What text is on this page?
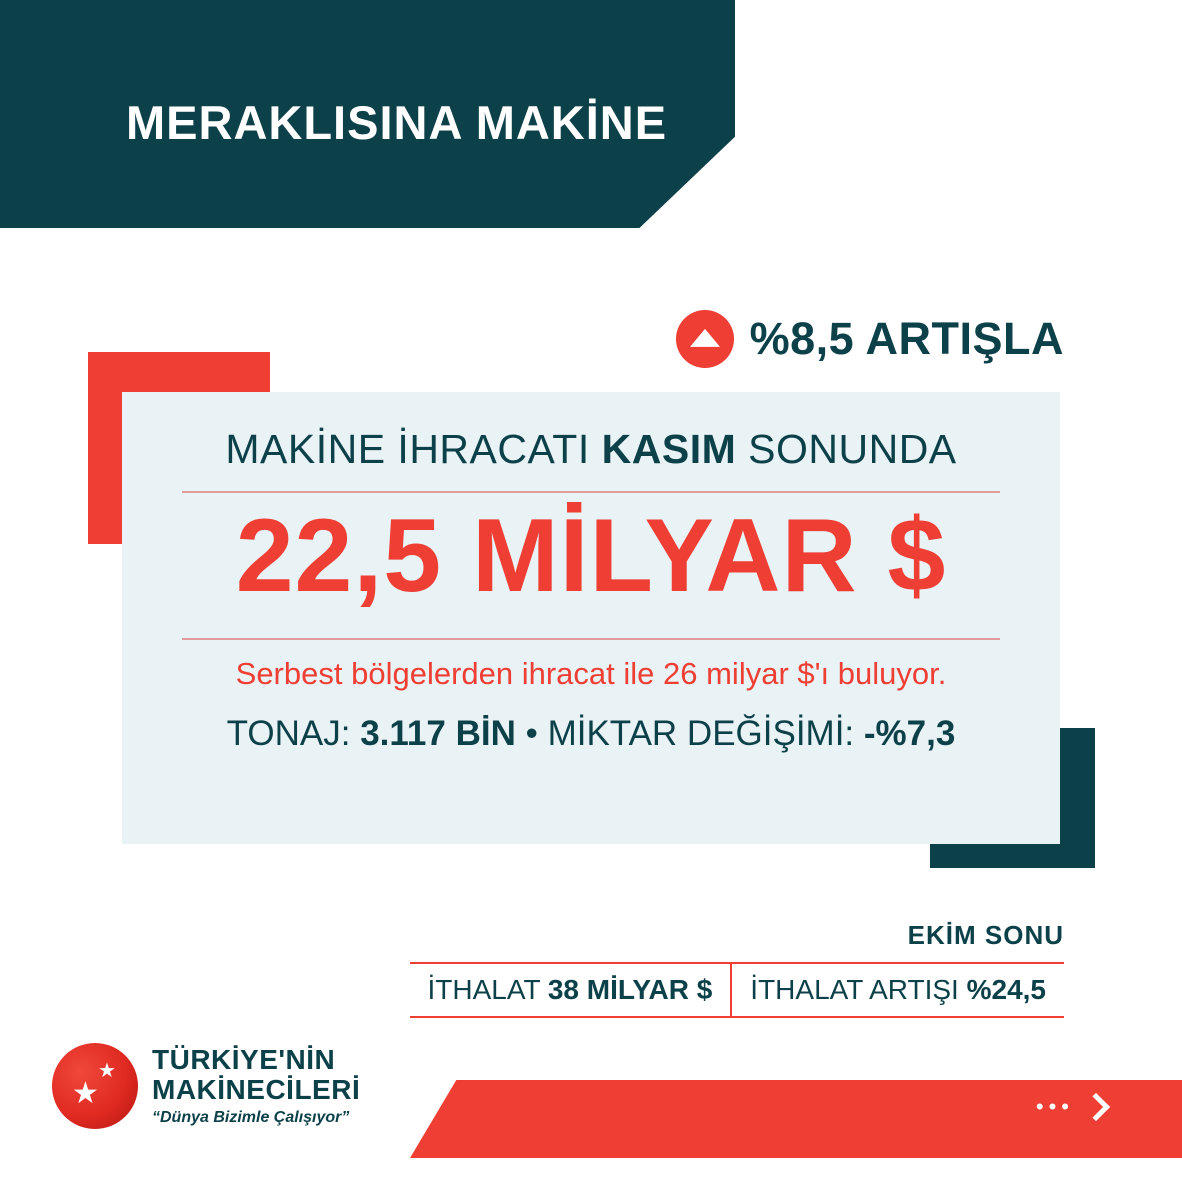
MERAKLISINA MAKİNE
%8,5 ARTIŞLA
MAKİNE İHRACATI KASIM SONUNDA
22,5 MİLYAR $
Serbest bölgelerden ihracat ile 26 milyar $'ı buluyor.
TONAJ: 3.117 BİN • MİKTAR DEĞİŞİMİ: -%7,3
EKİM SONU
İTHALAT 38 MİLYAR $	İTHALAT ARTIŞI %24,5
★
★ TÜRKİYE'NİN
MAKİNECİLERİ
“Dünya Bizimle Çalışıyor”	•••
